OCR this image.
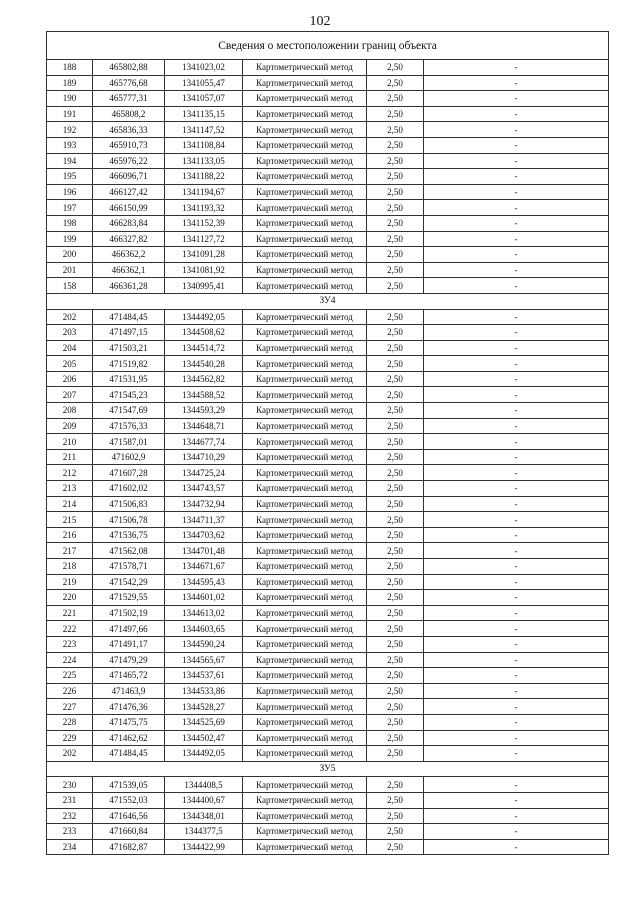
102
Сведения о местоположении границ объекта					
188	465802,88	1341023,02	Картометрический метод	2,50	-
189	465776,68	1341055,47	Картометрический метод	2,50	-
190	465777,31	1341057,07	Картометрический метод	2,50	-
191	465808,2	1341135,15	Картометрический метод	2,50	-
192	465836,33	1341147,52	Картометрический метод	2,50	-
193	465910,73	1341108,84	Картометрический метод	2,50	-
194	465976,22	1341133,05	Картометрический метод	2,50	-
195	466096,71	1341188,22	Картометрический метод	2,50	-
196	466127,42	1341194,67	Картометрический метод	2,50	-
197	466150,99	1341193,32	Картометрический метод	2,50	-
198	466283,84	1341152,39	Картометрический метод	2,50	-
199	466327,82	1341127,72	Картометрический метод	2,50	-
200	466362,2	1341091,28	Картометрический метод	2,50	-
201	466362,1	1341081,92	Картометрический метод	2,50	-
158	466361,28	1340995,41	Картометрический метод	2,50	-
ЗУ4					
202	471484,45	1344492,05	Картометрический метод	2,50	-
203	471497,15	1344508,62	Картометрический метод	2,50	-
204	471503,21	1344514,72	Картометрический метод	2,50	-
205	471519,82	1344540,28	Картометрический метод	2,50	-
206	471531,95	1344562,82	Картометрический метод	2,50	-
207	471545,23	1344588,52	Картометрический метод	2,50	-
208	471547,69	1344593,29	Картометрический метод	2,50	-
209	471576,33	1344648,71	Картометрический метод	2,50	-
210	471587,01	1344677,74	Картометрический метод	2,50	-
211	471602,9	1344710,29	Картометрический метод	2,50	-
212	471607,28	1344725,24	Картометрический метод	2,50	-
213	471602,02	1344743,57	Картометрический метод	2,50	-
214	471506,83	1344732,94	Картометрический метод	2,50	-
215	471506,78	1344711,37	Картометрический метод	2,50	-
216	471536,75	1344703,62	Картометрический метод	2,50	-
217	471562,08	1344701,48	Картометрический метод	2,50	-
218	471578,71	1344671,67	Картометрический метод	2,50	-
219	471542,29	1344595,43	Картометрический метод	2,50	-
220	471529,55	1344601,02	Картометрический метод	2,50	-
221	471502,19	1344613,02	Картометрический метод	2,50	-
222	471497,66	1344603,65	Картометрический метод	2,50	-
223	471491,17	1344590,24	Картометрический метод	2,50	-
224	471479,29	1344565,67	Картометрический метод	2,50	-
225	471465,72	1344537,61	Картометрический метод	2,50	-
226	471463,9	1344533,86	Картометрический метод	2,50	-
227	471476,36	1344528,27	Картометрический метод	2,50	-
228	471475,75	1344525,69	Картометрический метод	2,50	-
229	471462,62	1344502,47	Картометрический метод	2,50	-
202	471484,45	1344492,05	Картометрический метод	2,50	-
ЗУ5					
230	471539,05	1344408,5	Картометрический метод	2,50	-
231	471552,03	1344400,67	Картометрический метод	2,50	-
232	471646,56	1344348,01	Картометрический метод	2,50	-
233	471660,84	1344377,5	Картометрический метод	2,50	-
234	471682,87	1344422,99	Картометрический метод	2,50	-
